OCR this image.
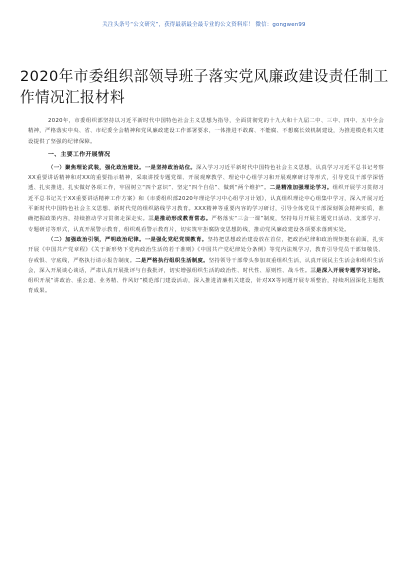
关注头条号“公文研究”，获得最新最全最专业的公文资料库！ 微信：gongwen99
2020年市委组织部领导班子落实党风廉政建设责任制工作情况汇报材料

2020年，市委组织部坚持以习近平新时代中国特色社会主义思想为指导，全面贯彻党的十九大和十九届二中、三中、四中、五中全会精神，严格落实中央、省、市纪委全会精神和党风廉政建设工作部署要求，一体推进不敢腐、不能腐、不想腐长效机制建设，为推进模范机关建设提供了坚强的纪律保障。

一、主要工作开展情况

（一）聚焦理论武装，强化政治建设。一是坚持政治站位。深入学习习近平新时代中国特色社会主义思想，认真学习习近平总书记考察XX重要讲话精神和对XX的重要指示精神，采取讲授专题党课、开展观摩教学、理论中心组学习和开展观摩研讨等形式，引导党员干部学深悟透、扎实推进，扎实做好各项工作，牢固树立“四个意识”、坚定“四个自信”、做到“两个维护”。二是精准加强理论学习。组织开展学习贯彻习近平总书记关于XX重要讲话精神工作方案》和《市委组织部2020年理论学习中心组学习计划》，认真组织理论中心组集中学习，深入开展习近平新时代中国特色社会主义思想、新时代党的组织路线学习教育。XXX精神等重要内容的学习研讨，引导全体党员干部深刻领会精神实质，准确把握政策内容，持续推动学习贯彻走深走实。三是推动形成教育常态。严格落实“三会一课”制度，坚持每月开展主题党日活动、支部学习、专题研讨等形式，认真开展警示教育，组织观看警示教育片，切实筑牢拒腐防变思想防线，推动党风廉政建设各项要求落到实处。

（二）加强政治引领，严明政治纪律。一是强化党纪党规教育。坚持把思想政治建设放在首位，把政治纪律和政治规矩挺在前面，扎实开展《中国共产党章程》《关于新形势下党内政治生活的若干准则》《中国共产党纪律处分条例》等党内法规学习，教育引导党员干部知敬畏、存戒惧、守底线，严格执行请示报告制度。二是严格执行组织生活制度。坚持领导干部带头参加双重组织生活，认真开展民主生活会和组织生活会，深入开展谈心谈话，严肃认真开展批评与自我批评，切实增强组织生活的政治性、时代性、原则性、战斗性。三是深入开展专题学习讨论。组织开展“讲政治、重公道、业务精、作风好”模范部门建设活动，深入推进清廉机关建设，针对XX等问题开展专项整治，持续巩固深化主题教育成果。
